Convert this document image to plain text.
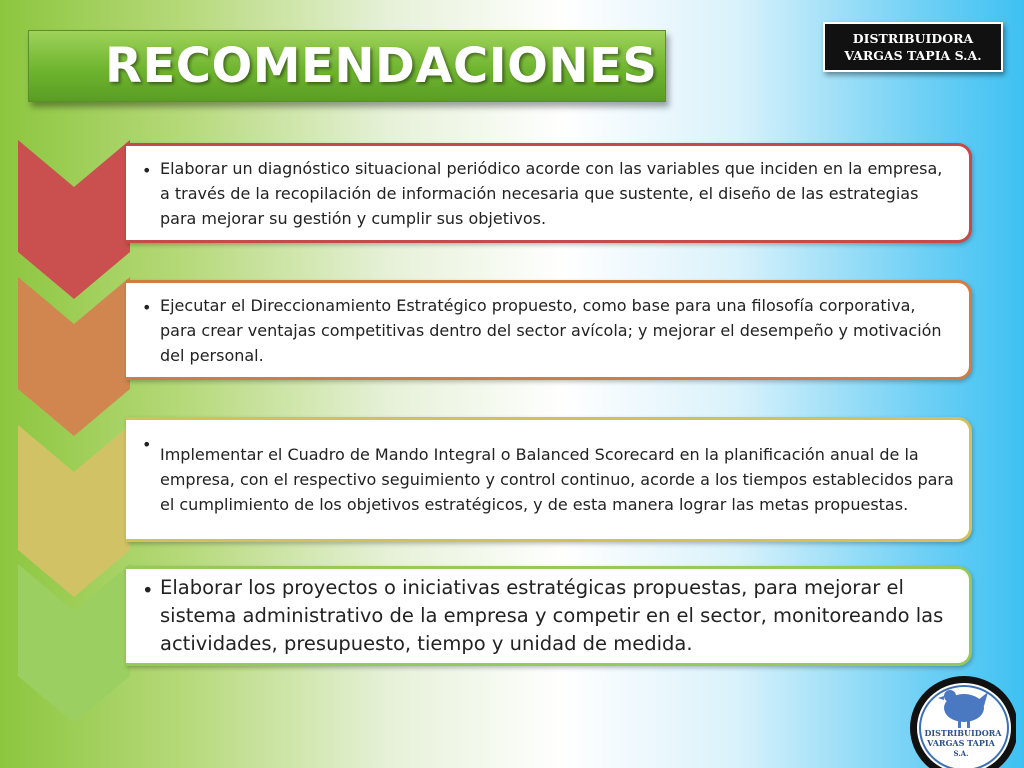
RECOMENDACIONES	DISTRIBUIDORA
VARGAS TAPIA S.A.
• Elaborar un diagnóstico situacional periódico acorde con las variables que inciden en la empresa, a través de la recopilación de información necesaria que sustente, el diseño de las estrategias para mejorar su gestión y cumplir sus objetivos.

• Ejecutar el Direccionamiento Estratégico propuesto, como base para una filosofía corporativa, para crear ventajas competitivas dentro del sector avícola; y mejorar el desempeño y motivación del personal.

•

Implementar el Cuadro de Mando Integral o Balanced Scorecard en la planificación anual de la empresa, con el respectivo seguimiento y control continuo, acorde a los tiempos establecidos para el cumplimiento de los objetivos estratégicos, y de esta manera lograr las metas propuestas.

• Elaborar los proyectos o iniciativas estratégicas propuestas, para mejorar el sistema administrativo de la empresa y competir en el sector, monitoreando las actividades, presupuesto, tiempo y unidad de medida.

DISTRIBUIDORA
VARGAS TAPIA
S.A.
